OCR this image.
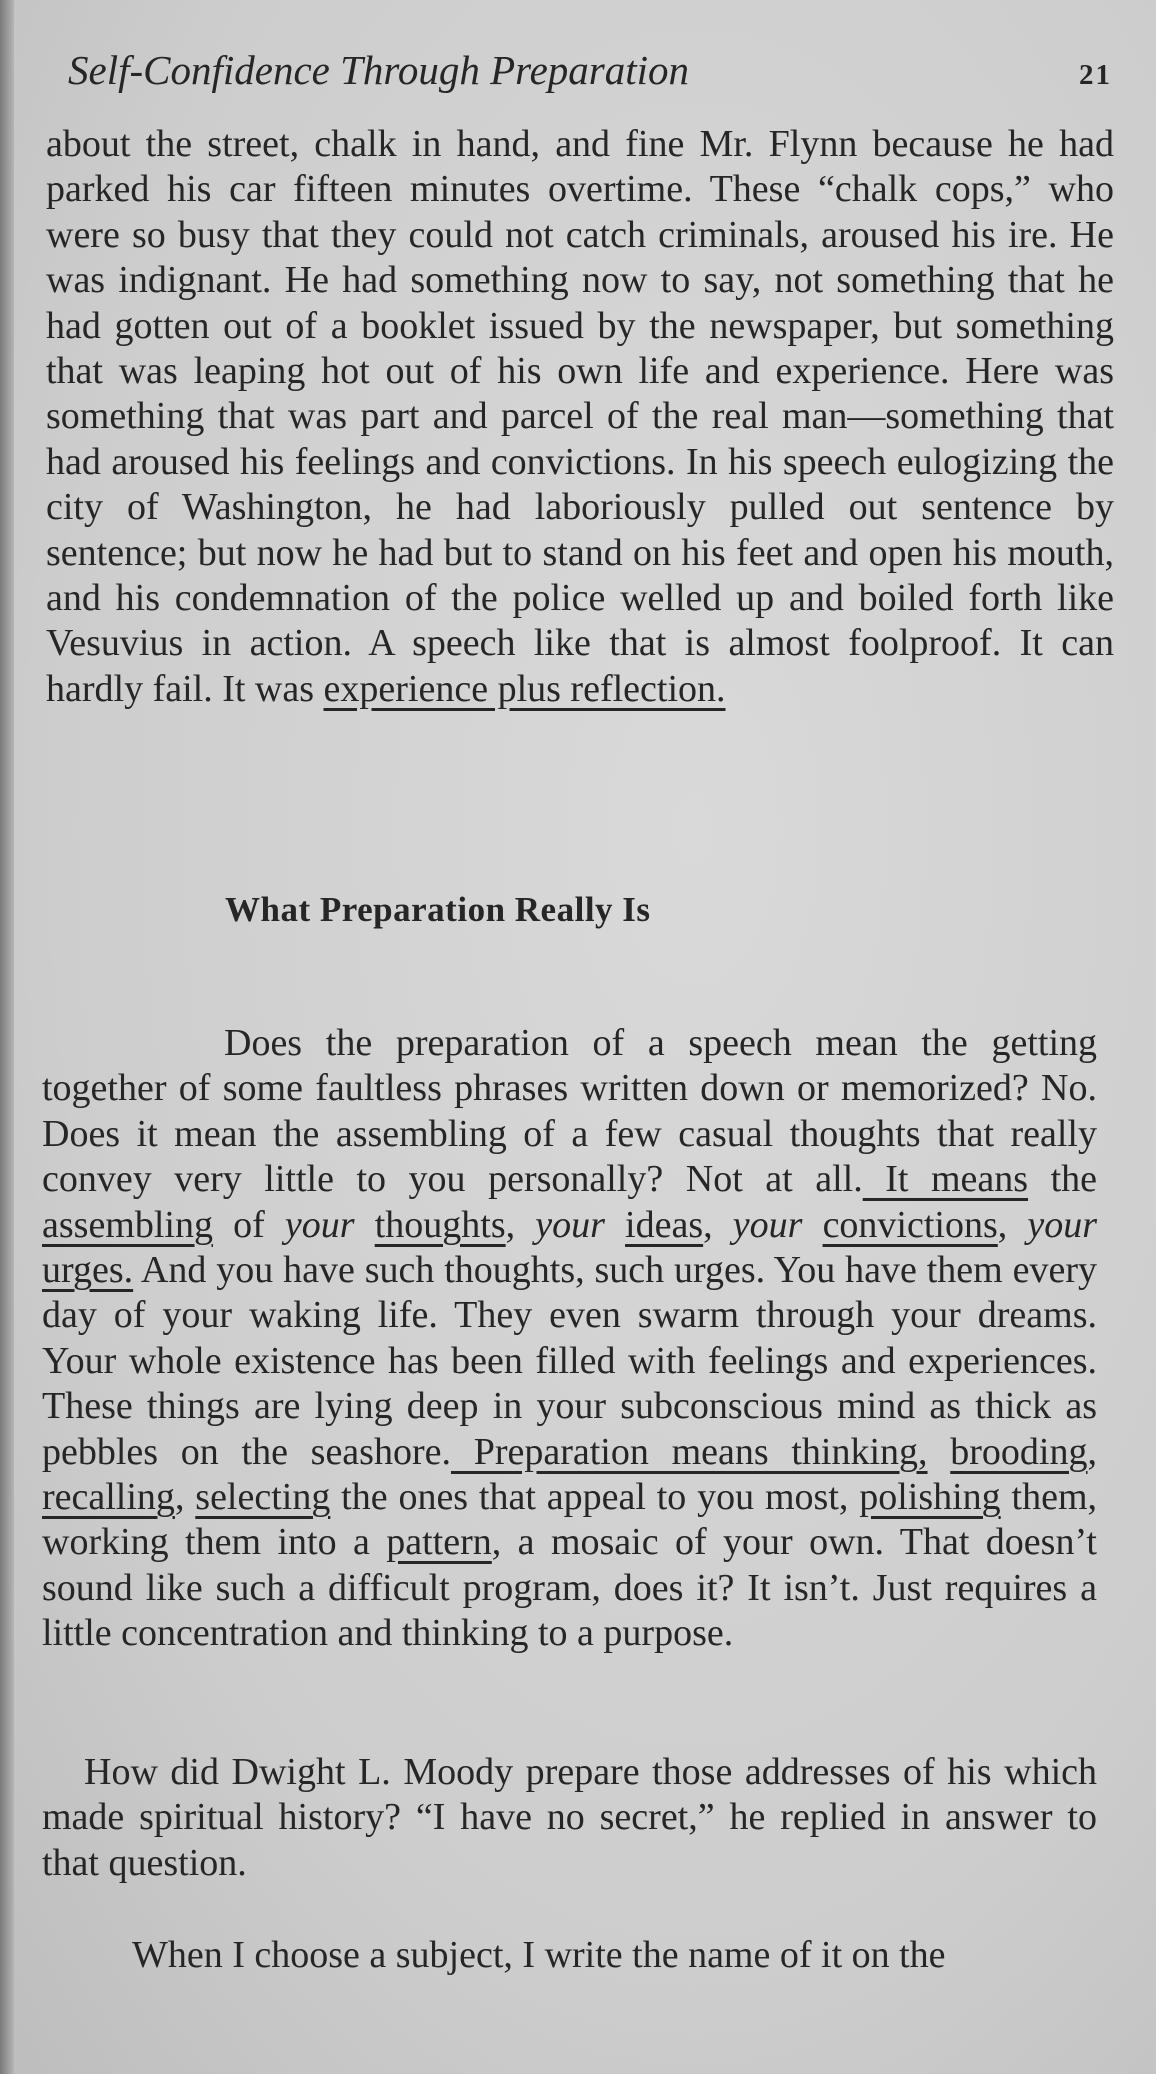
Self-Confidence Through Preparation	21

about the street, chalk in hand, and fine Mr. Flynn because he had parked his car fifteen minutes overtime. These “chalk cops,” who were so busy that they could not catch criminals, aroused his ire. He was indignant. He had something now to say, not something that he had gotten out of a booklet issued by the newspaper, but something that was leaping hot out of his own life and experience. Here was something that was part and parcel of the real man—something that had aroused his feelings and convictions. In his speech eulogizing the city of Washington, he had laboriously pulled out sentence by sentence; but now he had but to stand on his feet and open his mouth, and his condemnation of the police welled up and boiled forth like Vesuvius in action. A speech like that is almost foolproof. It can hardly fail. It was experience plus reflection.

What Preparation Really Is

Does the preparation of a speech mean the getting together of some faultless phrases written down or memorized? No. Does it mean the assembling of a few casual thoughts that really convey very little to you personally? Not at all. It means the assembling of your thoughts, your ideas, your convictions, your urges. And you have such thoughts, such urges. You have them every day of your waking life. They even swarm through your dreams. Your whole existence has been filled with feelings and experiences. These things are lying deep in your subconscious mind as thick as pebbles on the seashore. Preparation means thinking, brooding, recalling, selecting the ones that appeal to you most, polishing them, working them into a pattern, a mosaic of your own. That doesn’t sound like such a difficult program, does it? It isn’t. Just requires a little concentration and thinking to a purpose.

How did Dwight L. Moody prepare those addresses of his which made spiritual history? “I have no secret,” he replied in answer to that question.

When I choose a subject, I write the name of it on the
